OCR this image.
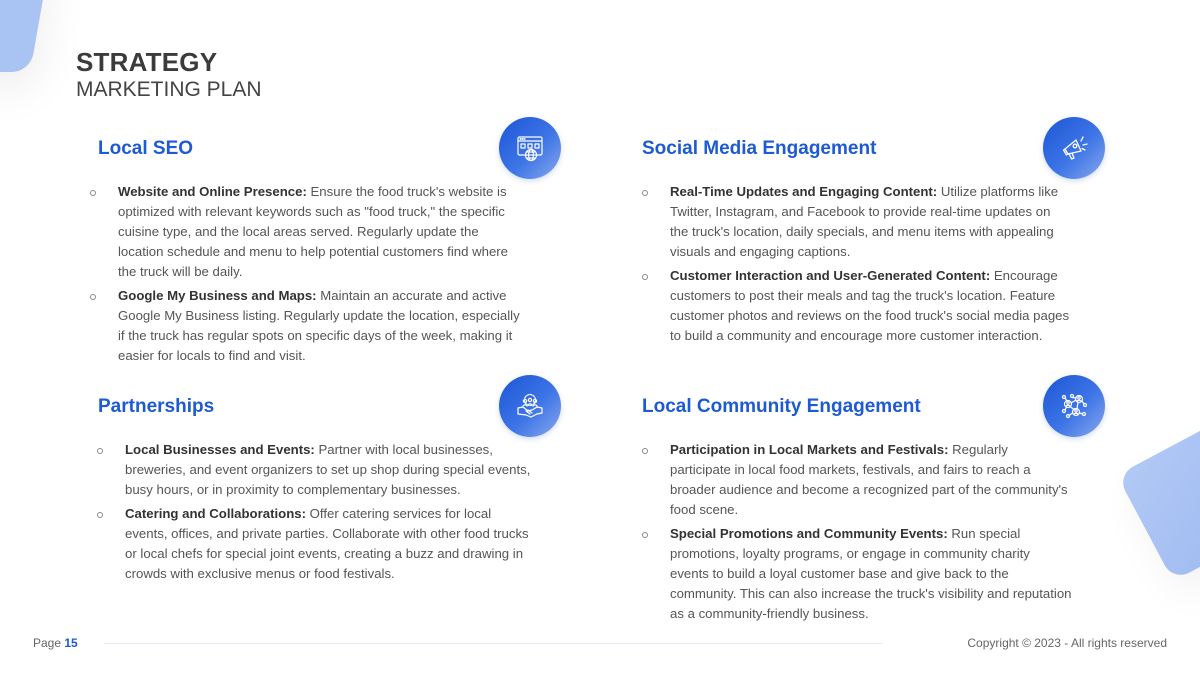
STRATEGY
MARKETING PLAN
Local SEO
Website and Online Presence: Ensure the food truck's website is optimized with relevant keywords such as "food truck," the specific cuisine type, and the local areas served. Regularly update the location schedule and menu to help potential customers find where the truck will be daily.
Google My Business and Maps: Maintain an accurate and active Google My Business listing. Regularly update the location, especially if the truck has regular spots on specific days of the week, making it easier for locals to find and visit.
Social Media Engagement
Real-Time Updates and Engaging Content: Utilize platforms like Twitter, Instagram, and Facebook to provide real-time updates on the truck's location, daily specials, and menu items with appealing visuals and engaging captions.
Customer Interaction and User-Generated Content: Encourage customers to post their meals and tag the truck's location. Feature customer photos and reviews on the food truck's social media pages to build a community and encourage more customer interaction.
Partnerships
Local Businesses and Events: Partner with local businesses, breweries, and event organizers to set up shop during special events, busy hours, or in proximity to complementary businesses.
Catering and Collaborations: Offer catering services for local events, offices, and private parties. Collaborate with other food trucks or local chefs for special joint events, creating a buzz and drawing in crowds with exclusive menus or food festivals.
Local Community Engagement
Participation in Local Markets and Festivals: Regularly participate in local food markets, festivals, and fairs to reach a broader audience and become a recognized part of the community's food scene.
Special Promotions and Community Events: Run special promotions, loyalty programs, or engage in community charity events to build a loyal customer base and give back to the community. This can also increase the truck's visibility and reputation as a community-friendly business.
Page 15	Copyright © 2023 - All rights reserved
